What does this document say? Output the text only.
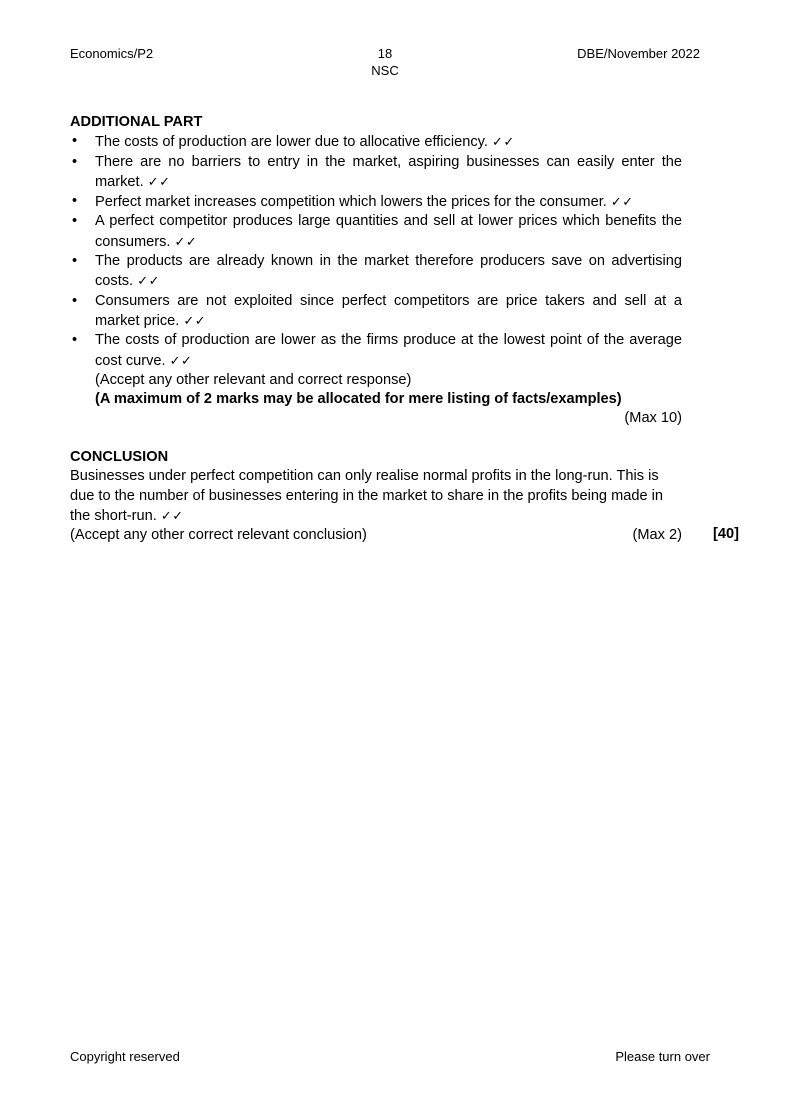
Economics/P2	18
NSC
DBE/November 2022
ADDITIONAL PART
•	The costs of production are lower due to allocative efficiency. ✓✓
•	There are no barriers to entry in the market, aspiring businesses can easily enter the market. ✓✓
•	Perfect market increases competition which lowers the prices for the consumer. ✓✓
•	A perfect competitor produces large quantities and sell at lower prices which benefits the consumers. ✓✓
•	The products are already known in the market therefore producers save on advertising costs. ✓✓
•	Consumers are not exploited since perfect competitors are price takers and sell at a market price. ✓✓
•	The costs of production are lower as the firms produce at the lowest point of the average cost curve. ✓✓
(Accept any other relevant and correct response)
(A maximum of 2 marks may be allocated for mere listing of facts/examples)
(Max 10)
CONCLUSION
Businesses under perfect competition can only realise normal profits in the long-run. This is due to the number of businesses entering in the market to share in the profits being made in the short-run. ✓✓
(Accept any other correct relevant conclusion)	(Max 2) [40]
Copyright reserved	Please turn over
